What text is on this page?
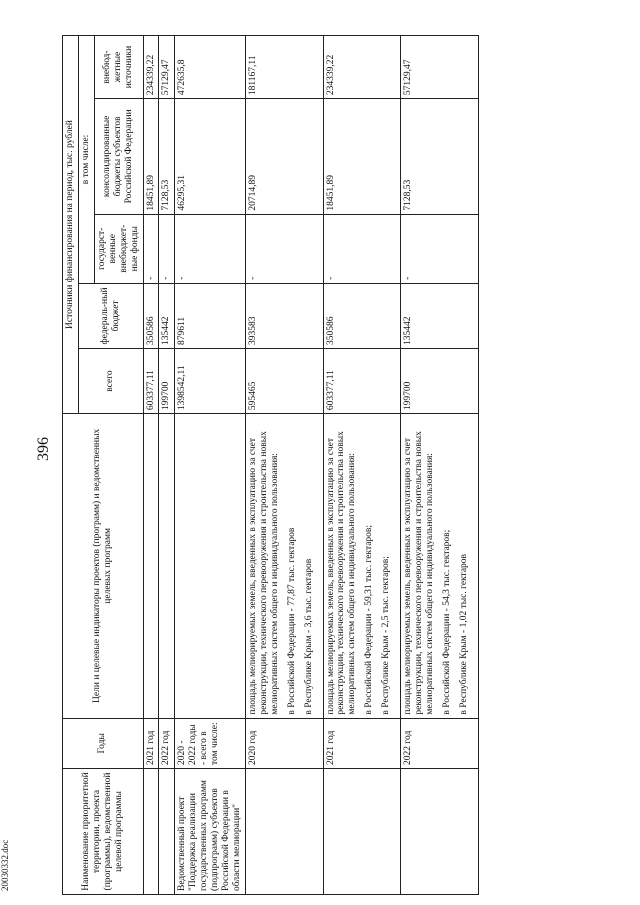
396
20030332.doc	Наименование приоритетной территории, проекта (программы), ведомственной целевой программы	Годы	Цели и целевые индикаторы проектов (программ) и ведомственных целевых программ	Источники финансирования на период, тыс. рублей				
			всего	федераль-ный бюджет	в том числе:		
					государст-венные внебюджет-ные фонды	консолидированные бюджеты субъектов Российской Федерации	внебюд-жетные источники
	2021 год		603377,11	350586	-	18451,89	234339,22
	2022 год		199700	135442	-	7128,53	57129,47
Ведомственный проект "Поддержка реализации государственных программ (подпрограмм) субъектов Российской Федерации в области мелиорации"	2020 - 2022 годы - всего в том числе:		1398542,11	879611	-	46295,31	472635,8
	2020 год	площадь мелиорируемых земель, введенных в эксплуатацию за счет реконструкции, технического перевооружения и строительства новых мелиоративных систем общего и индивидуального пользования: в Российской Федерации - 77,87 тыс. гектаров в Республике Крым - 3,6 тыс. гектаров	595465	393583	-	20714,89	181167,11
	2021 год	площадь мелиорируемых земель, введенных в эксплуатацию за счет реконструкции, технического перевооружения и строительства новых мелиоративных систем общего и индивидуального пользования: в Российской Федерации - 59,31 тыс. гектаров; в Республике Крым - 2,5 тыс. гектаров;	603377,11	350586	-	18451,89	234339,22
	2022 год	площадь мелиорируемых земель, введенных в эксплуатацию за счет реконструкции, технического перевооружения и строительства новых мелиоративных систем общего и индивидуального пользования: в Российской Федерации - 54,3 тыс. гектаров; в Республике Крым - 1,02 тыс. гектаров	199700	135442	-	7128,53	57129,47
